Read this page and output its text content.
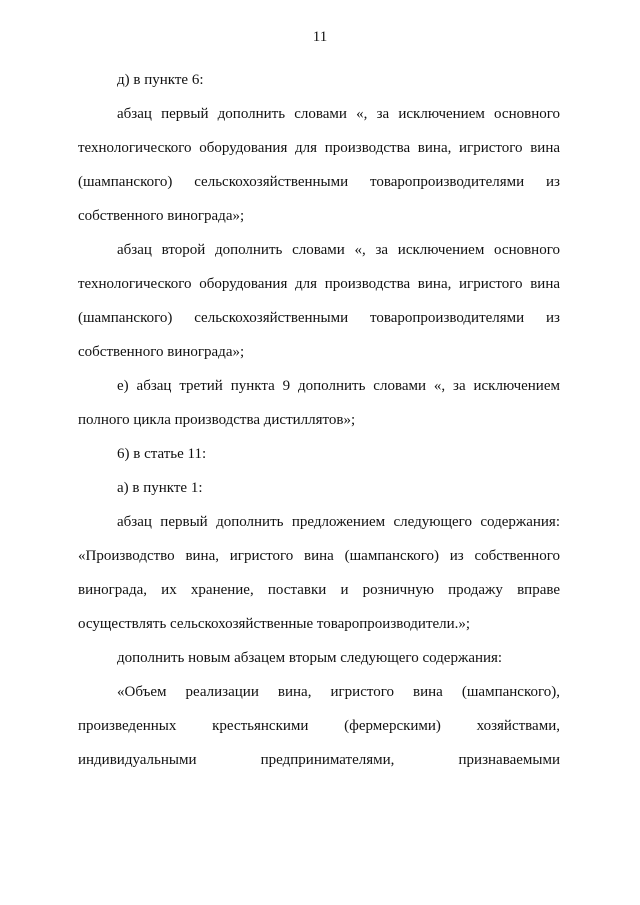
11

д) в пункте 6:

абзац первый дополнить словами «, за исключением основного
технологического оборудования для производства вина, игристого вина
(шампанского) сельскохозяйственными товаропроизводителями из
собственного винограда»;

абзац второй дополнить словами «, за исключением основного
технологического оборудования для производства вина, игристого вина
(шампанского) сельскохозяйственными товаропроизводителями из
собственного винограда»;

е) абзац третий пункта 9 дополнить словами «, за исключением
полного цикла производства дистиллятов»;

6) в статье 11:

а) в пункте 1:

абзац первый дополнить предложением следующего содержания:
«Производство вина, игристого вина (шампанского) из собственного
винограда, их хранение, поставки и розничную продажу вправе
осуществлять сельскохозяйственные товаропроизводители.»;

дополнить новым абзацем вторым следующего содержания:

«Объем реализации вина, игристого вина (шампанского),
произведенных крестьянскими (фермерскими) хозяйствами,
индивидуальными предпринимателями, признаваемыми
